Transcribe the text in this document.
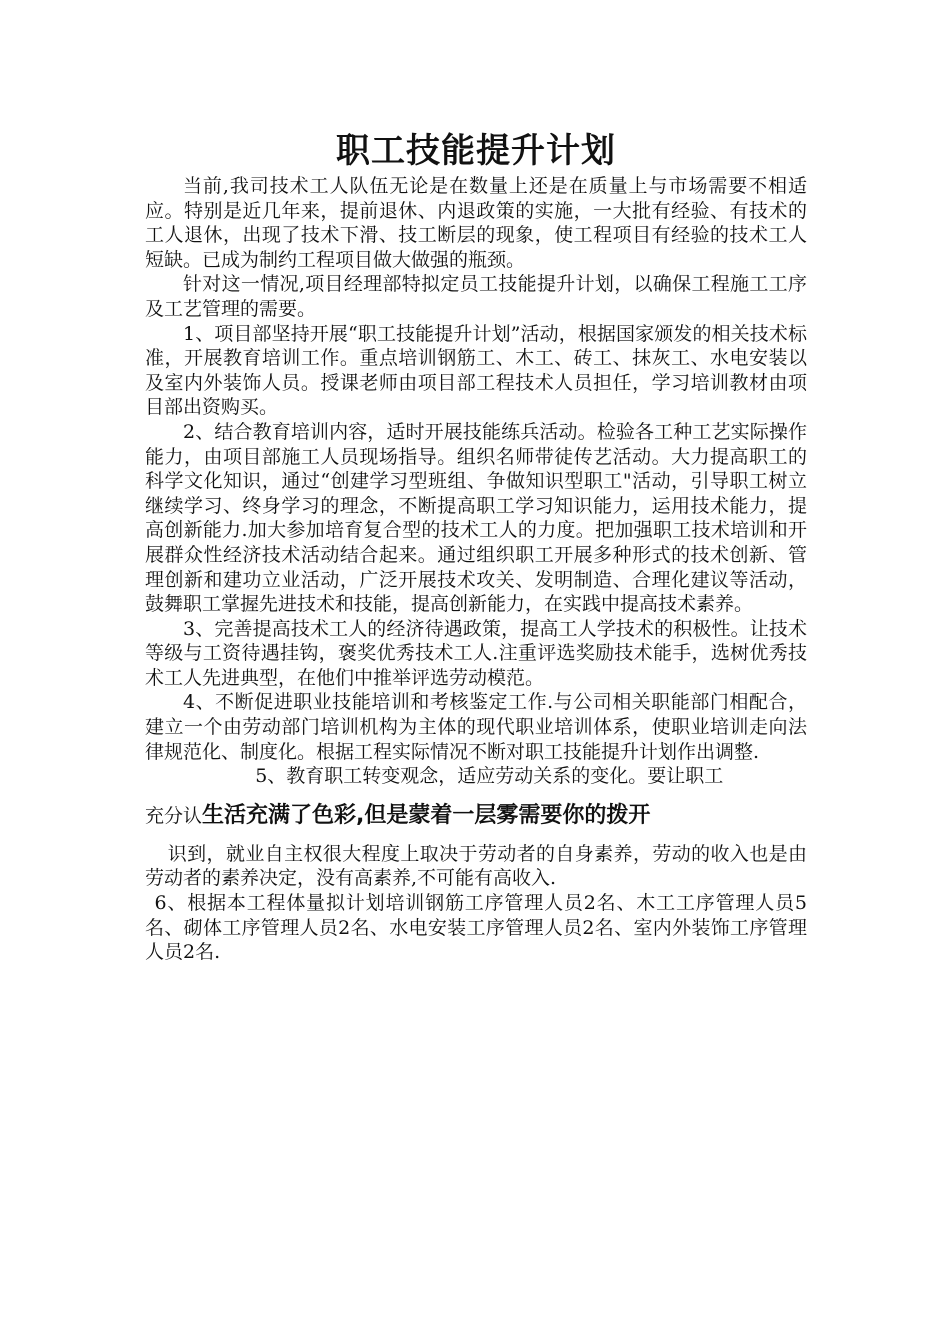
职工技能提升计划

当前,我司技术工人队伍无论是在数量上还是在质量上与市场需要不相适应。特别是近几年来，提前退休、内退政策的实施，一大批有经验、有技术的工人退休，出现了技术下滑、技工断层的现象，使工程项目有经验的技术工人短缺。已成为制约工程项目做大做强的瓶颈。

针对这一情况,项目经理部特拟定员工技能提升计划，以确保工程施工工序及工艺管理的需要。

1、项目部坚持开展“职工技能提升计划”活动，根据国家颁发的相关技术标准，开展教育培训工作。重点培训钢筋工、木工、砖工、抹灰工、水电安装以及室内外装饰人员。授课老师由项目部工程技术人员担任，学习培训教材由项目部出资购买。

2、结合教育培训内容，适时开展技能练兵活动。检验各工种工艺实际操作能力，由项目部施工人员现场指导。组织名师带徒传艺活动。大力提高职工的科学文化知识，通过“创建学习型班组、争做知识型职工"活动，引导职工树立继续学习、终身学习的理念，不断提高职工学习知识能力，运用技术能力，提高创新能力.加大参加培育复合型的技术工人的力度。把加强职工技术培训和开展群众性经济技术活动结合起来。通过组织职工开展多种形式的技术创新、管理创新和建功立业活动，广泛开展技术攻关、发明制造、合理化建议等活动，鼓舞职工掌握先进技术和技能，提高创新能力，在实践中提高技术素养。

3、完善提高技术工人的经济待遇政策，提高工人学技术的积极性。让技术等级与工资待遇挂钩，褒奖优秀技术工人.注重评选奖励技术能手，选树优秀技术工人先进典型，在他们中推举评选劳动模范。

4、不断促进职业技能培训和考核鉴定工作.与公司相关职能部门相配合，建立一个由劳动部门培训机构为主体的现代职业培训体系，使职业培训走向法律规范化、制度化。根据工程实际情况不断对职工技能提升计划作出调整.

5、教育职工转变观念，适应劳动关系的变化。要让职工

充分认生活充满了色彩,但是蒙着一层雾需要你的拨开

识到，就业自主权很大程度上取决于劳动者的自身素养，劳动的收入也是由劳动者的素养决定，没有高素养,不可能有高收入.

6、根据本工程体量拟计划培训钢筋工序管理人员2名、木工工序管理人员5名、砌体工序管理人员2名、水电安装工序管理人员2名、室内外装饰工序管理人员2名.
